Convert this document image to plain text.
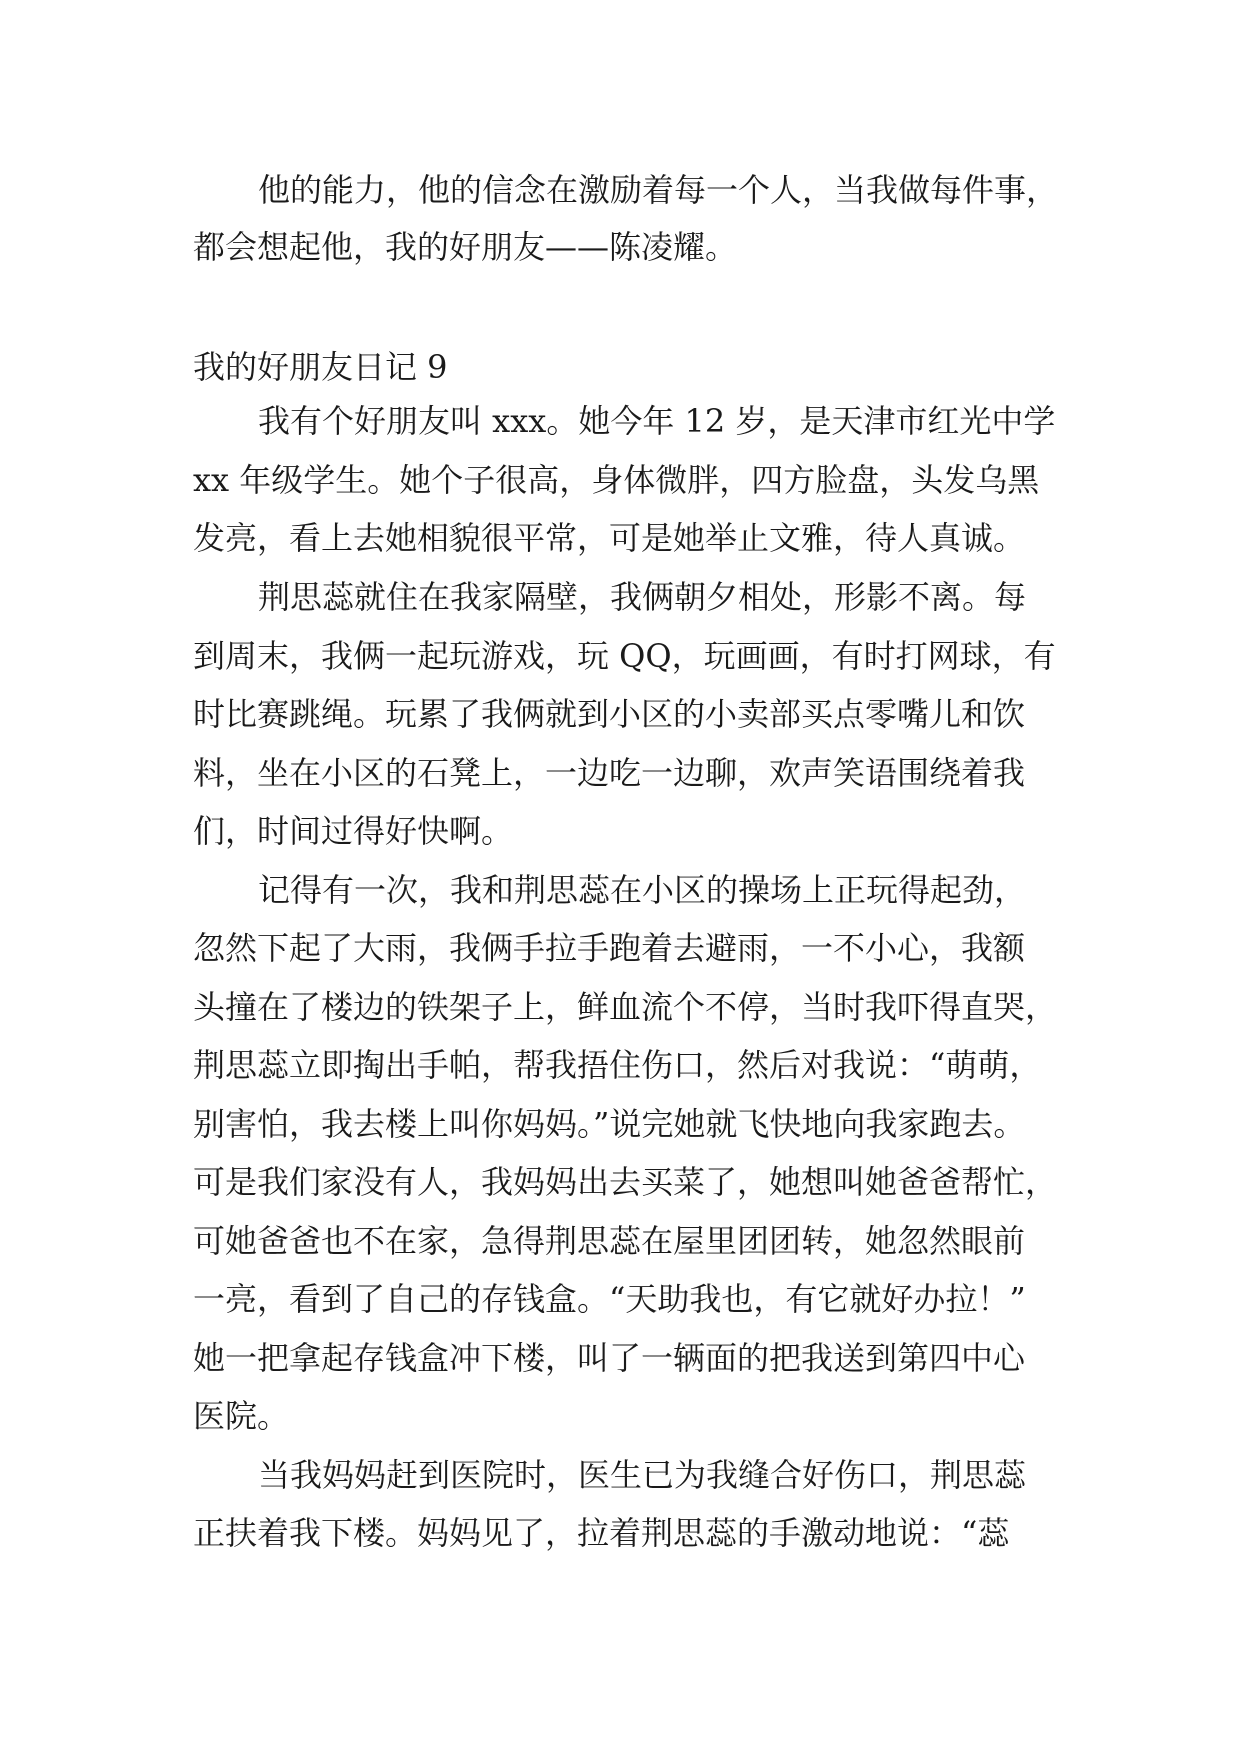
他的能力，他的信念在激励着每一个人，当我做每件事，
都会想起他，我的好朋友——陈凌耀。
我的好朋友日记 9
我有个好朋友叫 xxx。她今年 12 岁，是天津市红光中学
xx 年级学生。她个子很高，身体微胖，四方脸盘，头发乌黑
发亮，看上去她相貌很平常，可是她举止文雅，待人真诚。
荆思蕊就住在我家隔壁，我俩朝夕相处，形影不离。每
到周末，我俩一起玩游戏，玩 QQ，玩画画，有时打网球，有
时比赛跳绳。玩累了我俩就到小区的小卖部买点零嘴儿和饮
料，坐在小区的石凳上，一边吃一边聊，欢声笑语围绕着我
们，时间过得好快啊。
记得有一次，我和荆思蕊在小区的操场上正玩得起劲，
忽然下起了大雨，我俩手拉手跑着去避雨，一不小心，我额
头撞在了楼边的铁架子上，鲜血流个不停，当时我吓得直哭，
荆思蕊立即掏出手帕，帮我捂住伤口，然后对我说：“萌萌，
别害怕，我去楼上叫你妈妈。”说完她就飞快地向我家跑去。
可是我们家没有人，我妈妈出去买菜了，她想叫她爸爸帮忙，
可她爸爸也不在家，急得荆思蕊在屋里团团转，她忽然眼前
一亮，看到了自己的存钱盒。“天助我也，有它就好办拉！”
她一把拿起存钱盒冲下楼，叫了一辆面的把我送到第四中心
医院。
当我妈妈赶到医院时，医生已为我缝合好伤口，荆思蕊
正扶着我下楼。妈妈见了，拉着荆思蕊的手激动地说：“蕊
